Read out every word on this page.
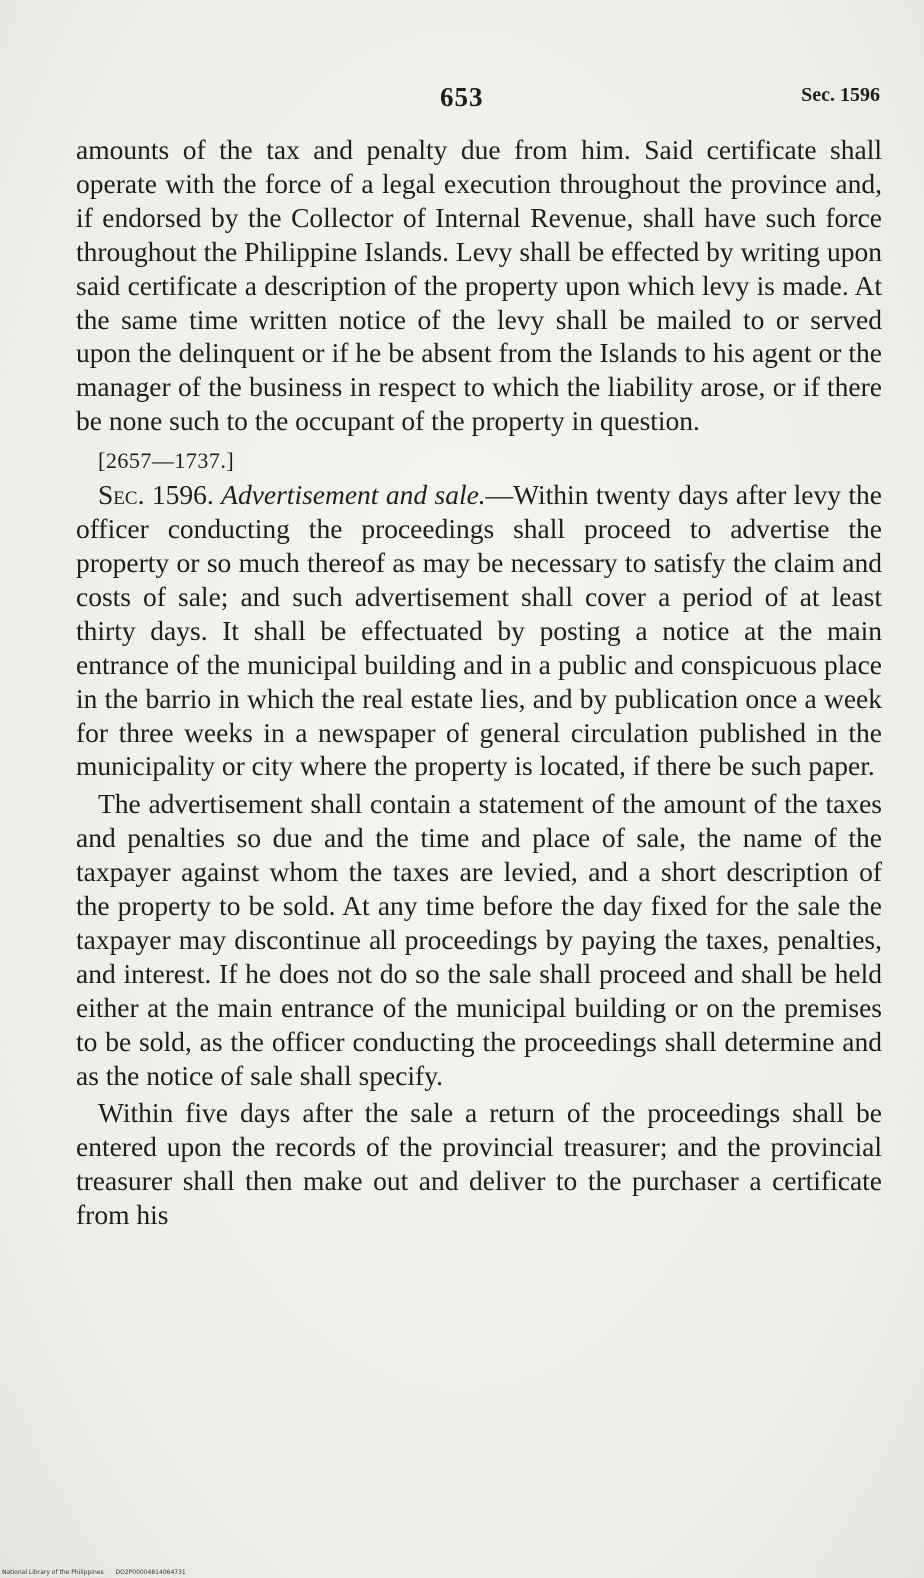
653	Sec. 1596

amounts of the tax and penalty due from him. Said certificate shall operate with the force of a legal execution throughout the province and, if endorsed by the Collector of Internal Revenue, shall have such force throughout the Philippine Islands. Levy shall be effected by writing upon said certificate a description of the property upon which levy is made. At the same time written notice of the levy shall be mailed to or served upon the delinquent or if he be absent from the Islands to his agent or the manager of the business in respect to which the liability arose, or if there be none such to the occupant of the property in question.

[2657—1737.]

Sec. 1596. Advertisement and sale.—Within twenty days after levy the officer conducting the proceedings shall proceed to advertise the property or so much thereof as may be necessary to satisfy the claim and costs of sale; and such advertisement shall cover a period of at least thirty days. It shall be effectuated by posting a notice at the main entrance of the municipal building and in a public and conspicuous place in the barrio in which the real estate lies, and by publication once a week for three weeks in a newspaper of general circulation published in the municipality or city where the property is located, if there be such paper.

The advertisement shall contain a statement of the amount of the taxes and penalties so due and the time and place of sale, the name of the taxpayer against whom the taxes are levied, and a short description of the property to be sold. At any time before the day fixed for the sale the taxpayer may discontinue all proceedings by paying the taxes, penalties, and interest. If he does not do so the sale shall proceed and shall be held either at the main entrance of the municipal building or on the premises to be sold, as the officer conducting the proceedings shall determine and as the notice of sale shall specify.

Within five days after the sale a return of the proceedings shall be entered upon the records of the provincial treasurer; and the provincial treasurer shall then make out and deliver to the purchaser a certificate from his

National Library of the Philippines DO2P00004814064731
